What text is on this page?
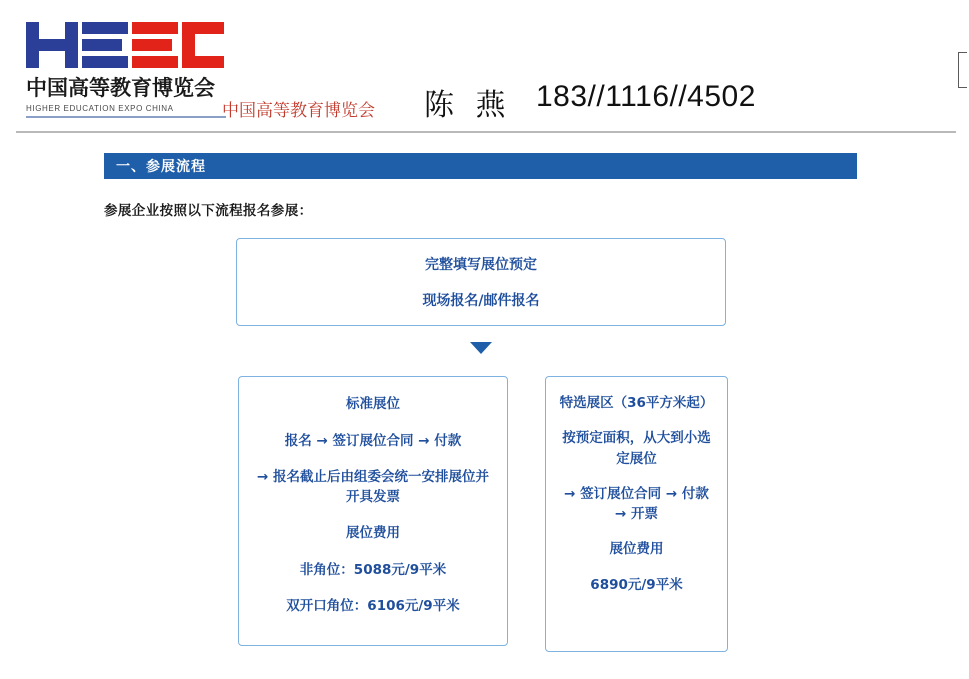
中国高等教育博览会
HIGHER EDUCATION EXPO CHINA	中国高等教育博览会 陈 燕 183//1116//4502
一、参展流程
参展企业按照以下流程报名参展：
完整填写展位预定
现场报名/邮件报名
标准展位
报名 → 签订展位合同 → 付款
→ 报名截止后由组委会统一安排展位并开具发票
展位费用
非角位：5088元/9平米
双开口角位：6106元/9平米
特选展区（36平方米起）
按预定面积，从大到小选定展位
→ 签订展位合同 → 付款 → 开票
展位费用
6890元/9平米
